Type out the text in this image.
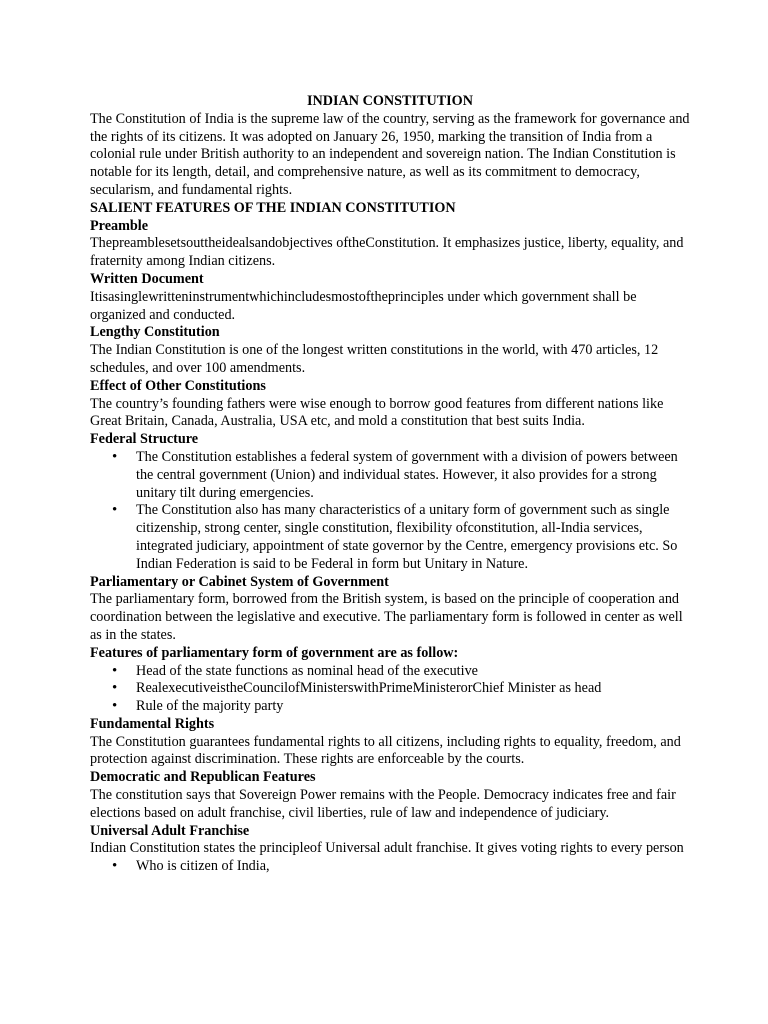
INDIAN CONSTITUTION

The Constitution of India is the supreme law of the country, serving as the framework for governance and the rights of its citizens. It was adopted on January 26, 1950, marking the transition of India from a colonial rule under British authority to an independent and sovereign nation. The Indian Constitution is notable for its length, detail, and comprehensive nature, as well as its commitment to democracy, secularism, and fundamental rights.

SALIENT FEATURES OF THE INDIAN CONSTITUTION

Preamble

Thepreamblesetsouttheidealsandobjectives oftheConstitution. It emphasizes justice, liberty, equality, and fraternity among Indian citizens.

Written Document

Itisasinglewritteninstrumentwhichincludesmostoftheprinciples under which government shall be organized and conducted.

Lengthy Constitution

The Indian Constitution is one of the longest written constitutions in the world, with 470 articles, 12 schedules, and over 100 amendments.

Effect of Other Constitutions

The country’s founding fathers were wise enough to borrow good features from different nations like Great Britain, Canada, Australia, USA etc, and mold a constitution that best suits India.

Federal Structure

• The Constitution establishes a federal system of government with a division of powers between the central government (Union) and individual states. However, it also provides for a strong unitary tilt during emergencies.
• The Constitution also has many characteristics of a unitary form of government such as single citizenship, strong center, single constitution, flexibility ofconstitution, all-India services, integrated judiciary, appointment of state governor by the Centre, emergency provisions etc. So Indian Federation is said to be Federal in form but Unitary in Nature.

Parliamentary or Cabinet System of Government

The parliamentary form, borrowed from the British system, is based on the principle of cooperation and coordination between the legislative and executive. The parliamentary form is followed in center as well as in the states.

Features of parliamentary form of government are as follow:

• Head of the state functions as nominal head of the executive
• RealexecutiveistheCouncilofMinisterswithPrimeMinisterorChief Minister as head
• Rule of the majority party

Fundamental Rights

The Constitution guarantees fundamental rights to all citizens, including rights to equality, freedom, and protection against discrimination. These rights are enforceable by the courts.

Democratic and Republican Features

The constitution says that Sovereign Power remains with the People. Democracy indicates free and fair elections based on adult franchise, civil liberties, rule of law and independence of judiciary.

Universal Adult Franchise

Indian Constitution states the principleof Universal adult franchise. It gives voting rights to every person

• Who is citizen of India,
